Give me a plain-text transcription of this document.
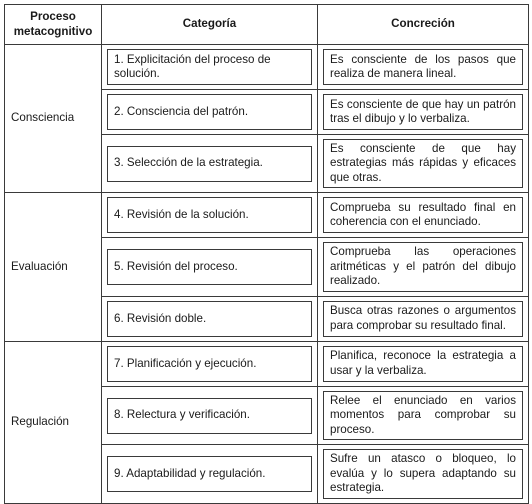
Proceso
metacognitivo	Categoría	Concreción
Consciencia	1. Explicitación del proceso de solución.	Es consciente de los pasos que realiza de manera lineal.

	2. Consciencia del patrón.	Es consciente de que hay un patrón tras el dibujo y lo verbaliza.

	3. Selección de la estrategia.	Es consciente de que hay estrategias más rápidas y eficaces que otras.

Evaluación	4. Revisión de la solución.	Comprueba su resultado final en coherencia con el enunciado.

	5. Revisión del proceso.	Comprueba las operaciones aritméticas y el patrón del dibujo realizado.

	6. Revisión doble.	Busca otras razones o argumentos para comprobar su resultado final.

Regulación	7. Planificación y ejecución.	Planifica, reconoce la estrategia a usar y la verbaliza.

	8. Relectura y verificación.	Relee el enunciado en varios momentos para comprobar su proceso.

	9. Adaptabilidad y regulación.	Sufre un atasco o bloqueo, lo evalúa y lo supera adaptando su estrategia.
